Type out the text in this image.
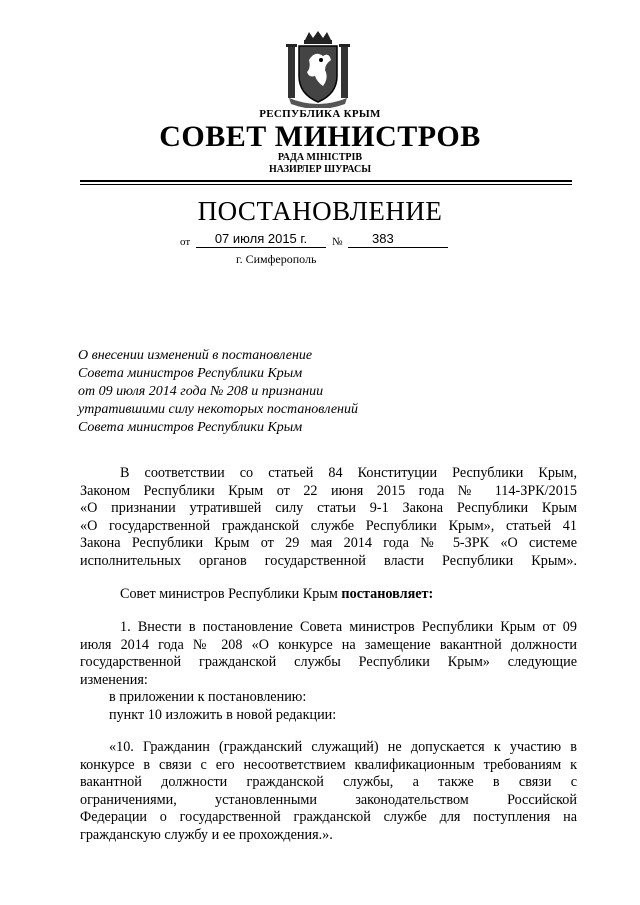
РЕСПУБЛИКА КРЫМ
СОВЕТ МИНИСТРОВ
РАДА МІНІСТРІВ
НАЗИРЛЕР ШУРАСЫ
ПОСТАНОВЛЕНИЕ
от	07 июля 2015 г.	№	383
г. Симферополь
О внесении изменений в постановление
Совета министров Республики Крым
от 09 июля 2014 года № 208 и признании
утратившими силу некоторых постановлений
Совета министров Республики Крым
В соответствии со статьей 84 Конституции Республики Крым,
Законом Республики Крым от 22 июня 2015 года № 114-ЗРК/2015
«О признании утратившей силу статьи 9-1 Закона Республики Крым
«О государственной гражданской службе Республики Крым», статьей 41
Закона Республики Крым от 29 мая 2014 года № 5-ЗРК «О системе
исполнительных органов государственной власти Республики Крым».
Совет министров Республики Крым постановляет:
1. Внести в постановление Совета министров Республики Крым от 09
июля 2014 года № 208 «О конкурсе на замещение вакантной должности
государственной гражданской службы Республики Крым» следующие
изменения:
в приложении к постановлению:
пункт 10 изложить в новой редакции:
«10. Гражданин (гражданский служащий) не допускается к участию в
конкурсе в связи с его несоответствием квалификационным требованиям к
вакантной должности гражданской службы, а также в связи с
ограничениями, установленными законодательством Российской
Федерации о государственной гражданской службе для поступления на
гражданскую службу и ее прохождения.».
